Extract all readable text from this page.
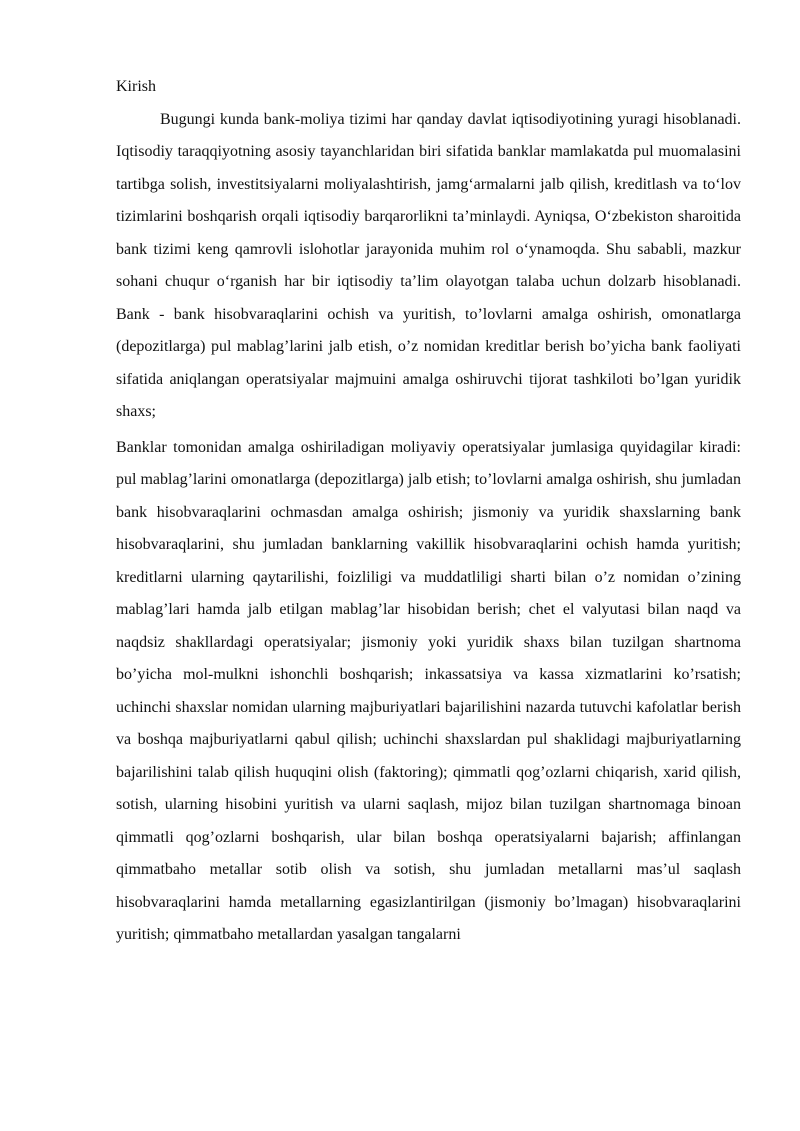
Kirish

Bugungi kunda bank-moliya tizimi har qanday davlat iqtisodiyotining yuragi hisoblanadi. Iqtisodiy taraqqiyotning asosiy tayanchlaridan biri sifatida banklar mamlakatda pul muomalasini tartibga solish, investitsiyalarni moliyalashtirish, jamg‘armalarni jalb qilish, kreditlash va to‘lov tizimlarini boshqarish orqali iqtisodiy barqarorlikni ta’minlaydi. Ayniqsa, O‘zbekiston sharoitida bank tizimi keng qamrovli islohotlar jarayonida muhim rol o‘ynamoqda. Shu sababli, mazkur sohani chuqur o‘rganish har bir iqtisodiy ta’lim olayotgan talaba uchun dolzarb hisoblanadi. Bank - bank hisobvaraqlarini ochish va yuritish, to’lovlarni amalga oshirish, omonatlarga (depozitlarga) pul mablag’larini jalb etish, o’z nomidan kreditlar berish bo’yicha bank faoliyati sifatida aniqlangan operatsiyalar majmuini amalga oshiruvchi tijorat tashkiloti bo’lgan yuridik shaxs;

Banklar tomonidan amalga oshiriladigan moliyaviy operatsiyalar jumlasiga quyidagilar kiradi: pul mablag’larini omonatlarga (depozitlarga) jalb etish; to’lovlarni amalga oshirish, shu jumladan bank hisobvaraqlarini ochmasdan amalga oshirish; jismoniy va yuridik shaxslarning bank hisobvaraqlarini, shu jumladan banklarning vakillik hisobvaraqlarini ochish hamda yuritish; kreditlarni ularning qaytarilishi, foizliligi va muddatliligi sharti bilan o’z nomidan o’zining mablag’lari hamda jalb etilgan mablag’lar hisobidan berish; chet el valyutasi bilan naqd va naqdsiz shakllardagi operatsiyalar; jismoniy yoki yuridik shaxs bilan tuzilgan shartnoma bo’yicha mol-mulkni ishonchli boshqarish; inkassatsiya va kassa xizmatlarini ko’rsatish; uchinchi shaxslar nomidan ularning majburiyatlari bajarilishini nazarda tutuvchi kafolatlar berish va boshqa majburiyatlarni qabul qilish; uchinchi shaxslardan pul shaklidagi majburiyatlarning bajarilishini talab qilish huquqini olish (faktoring); qimmatli qog’ozlarni chiqarish, xarid qilish, sotish, ularning hisobini yuritish va ularni saqlash, mijoz bilan tuzilgan shartnomaga binoan qimmatli qog’ozlarni boshqarish, ular bilan boshqa operatsiyalarni bajarish; affinlangan qimmatbaho metallar sotib olish va sotish, shu jumladan metallarni mas’ul saqlash hisobvaraqlarini hamda metallarning egasizlantirilgan (jismoniy bo’lmagan) hisobvaraqlarini yuritish; qimmatbaho metallardan yasalgan tangalarni
